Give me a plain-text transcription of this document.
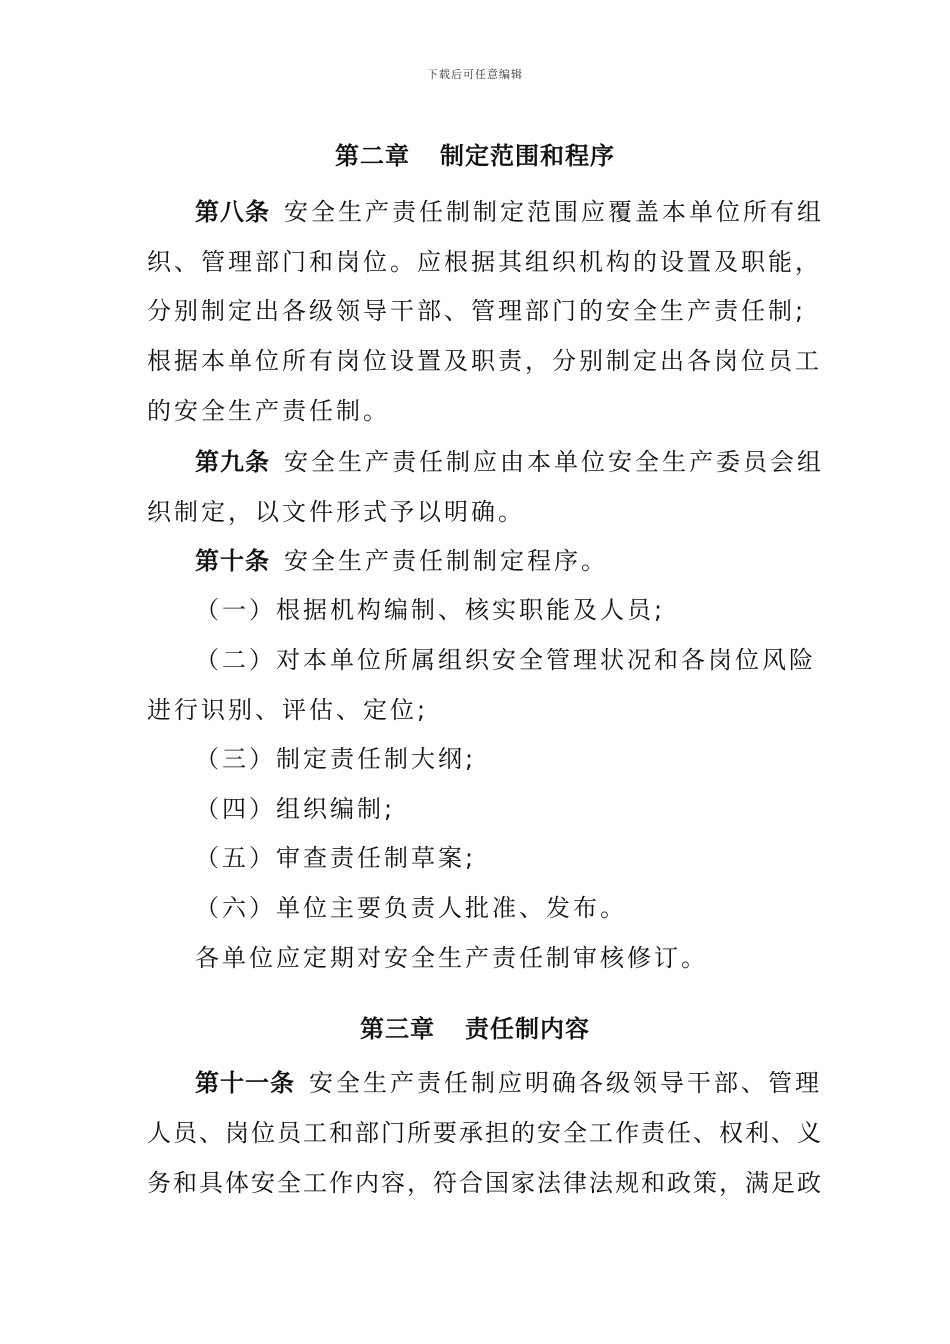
下载后可任意编辑
第二章 制定范围和程序
第八条 安全生产责任制制定范围应覆盖本单位所有组
织、管理部门和岗位。应根据其组织机构的设置及职能，
分别制定出各级领导干部、管理部门的安全生产责任制;
根据本单位所有岗位设置及职责，分别制定出各岗位员工
的安全生产责任制。
第九条 安全生产责任制应由本单位安全生产委员会组
织制定，以文件形式予以明确。
第十条 安全生产责任制制定程序。
（一）根据机构编制、核实职能及人员;
（二）对本单位所属组织安全管理状况和各岗位风险
进行识别、评估、定位;
（三）制定责任制大纲;
（四）组织编制;
（五）审查责任制草案;
（六）单位主要负责人批准、发布。
各单位应定期对安全生产责任制审核修订。
第三章 责任制内容
第十一条 安全生产责任制应明确各级领导干部、管理
人员、岗位员工和部门所要承担的安全工作责任、权利、义
务和具体安全工作内容，符合国家法律法规和政策，满足政
